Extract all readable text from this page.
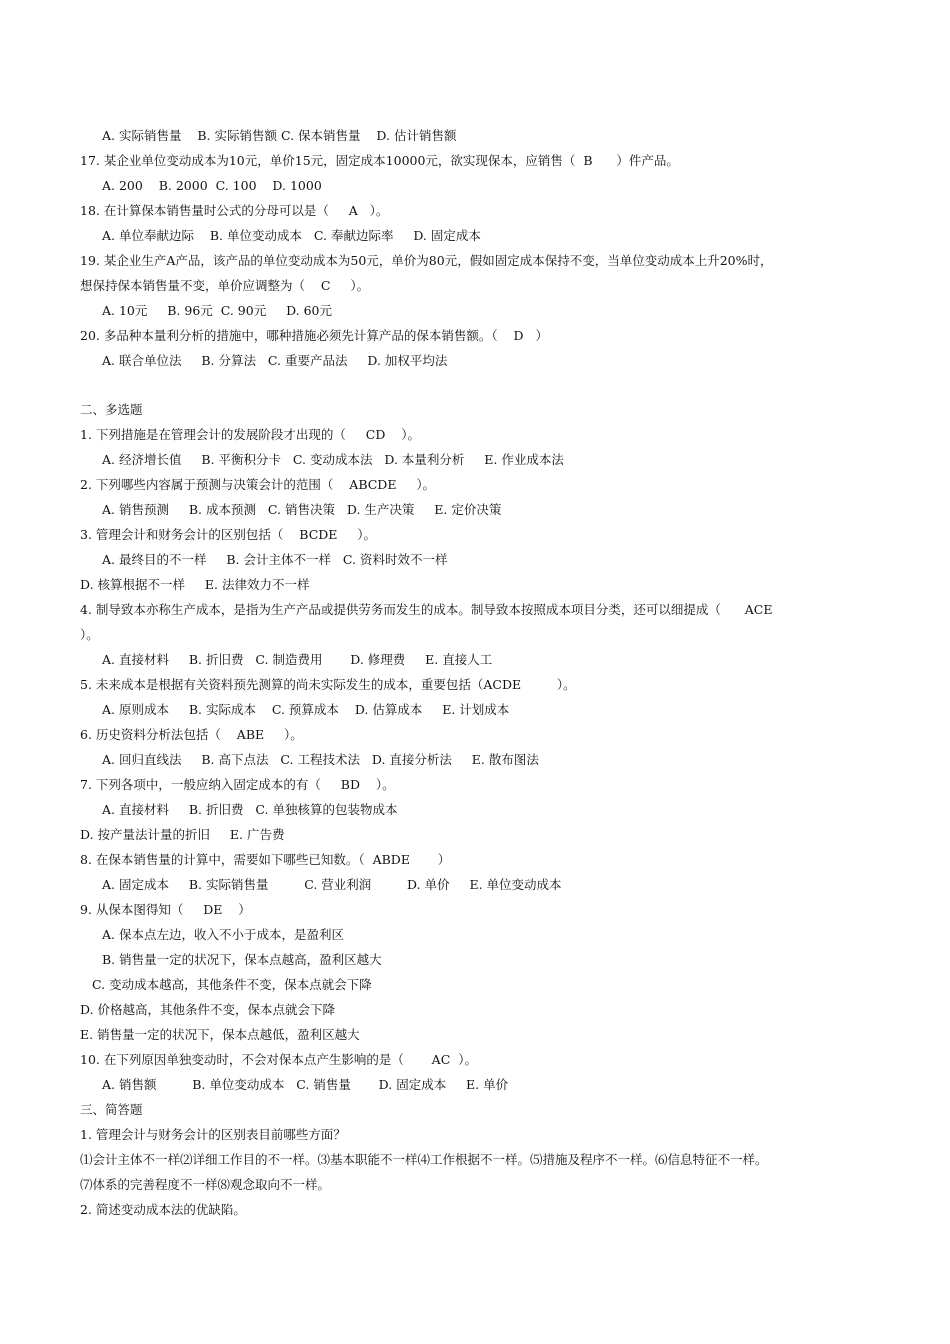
A. 实际销售量    B. 实际销售额 C. 保本销售量    D. 估计销售额
17. 某企业单位变动成本为10元，单价15元，固定成本10000元，欲实现保本，应销售（  B      ）件产品。
A. 200    B. 2000  C. 100    D. 1000
18. 在计算保本销售量时公式的分母可以是（     A   ）。
A. 单位奉献边际    B. 单位变动成本   C. 奉献边际率     D. 固定成本
19. 某企业生产A产品，该产品的单位变动成本为50元，单价为80元，假如固定成本保持不变，当单位变动成本上升20%时，
想保持保本销售量不变，单价应调整为（    C     ）。
A. 10元     B. 96元  C. 90元     D. 60元
20. 多品种本量利分析的措施中，哪种措施必须先计算产品的保本销售额。（    D   ）
A. 联合单位法     B. 分算法   C. 重要产品法     D. 加权平均法
二、多选题
1. 下列措施是在管理会计的发展阶段才出现的（     CD    ）。
A. 经济增长值     B. 平衡积分卡   C. 变动成本法   D. 本量利分析     E. 作业成本法
2. 下列哪些内容属于预测与决策会计的范围（    ABCDE     ）。
A. 销售预测     B. 成本预测   C. 销售决策   D. 生产决策     E. 定价决策
3. 管理会计和财务会计的区别包括（    BCDE     ）。
A. 最终目的不一样     B. 会计主体不一样   C. 资料时效不一样
D. 核算根据不一样     E. 法律效力不一样
4. 制导致本亦称生产成本，是指为生产产品或提供劳务而发生的成本。制导致本按照成本项目分类，还可以细提成（      ACE
）。
A. 直接材料     B. 折旧费   C. 制造费用       D. 修理费     E. 直接人工
5. 未来成本是根据有关资料预先测算的尚未实际发生的成本，重要包括（ACDE         ）。
A. 原则成本     B. 实际成本    C. 预算成本    D. 估算成本     E. 计划成本
6. 历史资料分析法包括（    ABE     ）。
A. 回归直线法     B. 高下点法   C. 工程技术法   D. 直接分析法     E. 散布图法
7. 下列各项中，一般应纳入固定成本的有（     BD    ）。
A. 直接材料     B. 折旧费   C. 单独核算的包装物成本
D. 按产量法计量的折旧     E. 广告费
8. 在保本销售量的计算中，需要如下哪些已知数。（  ABDE       ）
A. 固定成本     B. 实际销售量         C. 营业利润         D. 单价     E. 单位变动成本
9. 从保本图得知（     DE    ）
A. 保本点左边，收入不小于成本，是盈利区
B. 销售量一定的状况下，保本点越高，盈利区越大
C. 变动成本越高，其他条件不变，保本点就会下降
D. 价格越高，其他条件不变，保本点就会下降
E. 销售量一定的状况下，保本点越低，盈利区越大
10. 在下列原因单独变动时，不会对保本点产生影响的是（       AC  ）。
A. 销售额         B. 单位变动成本   C. 销售量       D. 固定成本     E. 单价
三、简答题
1. 管理会计与财务会计的区别表目前哪些方面？
⑴会计主体不一样⑵详细工作目的不一样。⑶基本职能不一样⑷工作根据不一样。⑸措施及程序不一样。⑹信息特征不一样。
⑺体系的完善程度不一样⑻观念取向不一样。
2. 简述变动成本法的优缺陷。
